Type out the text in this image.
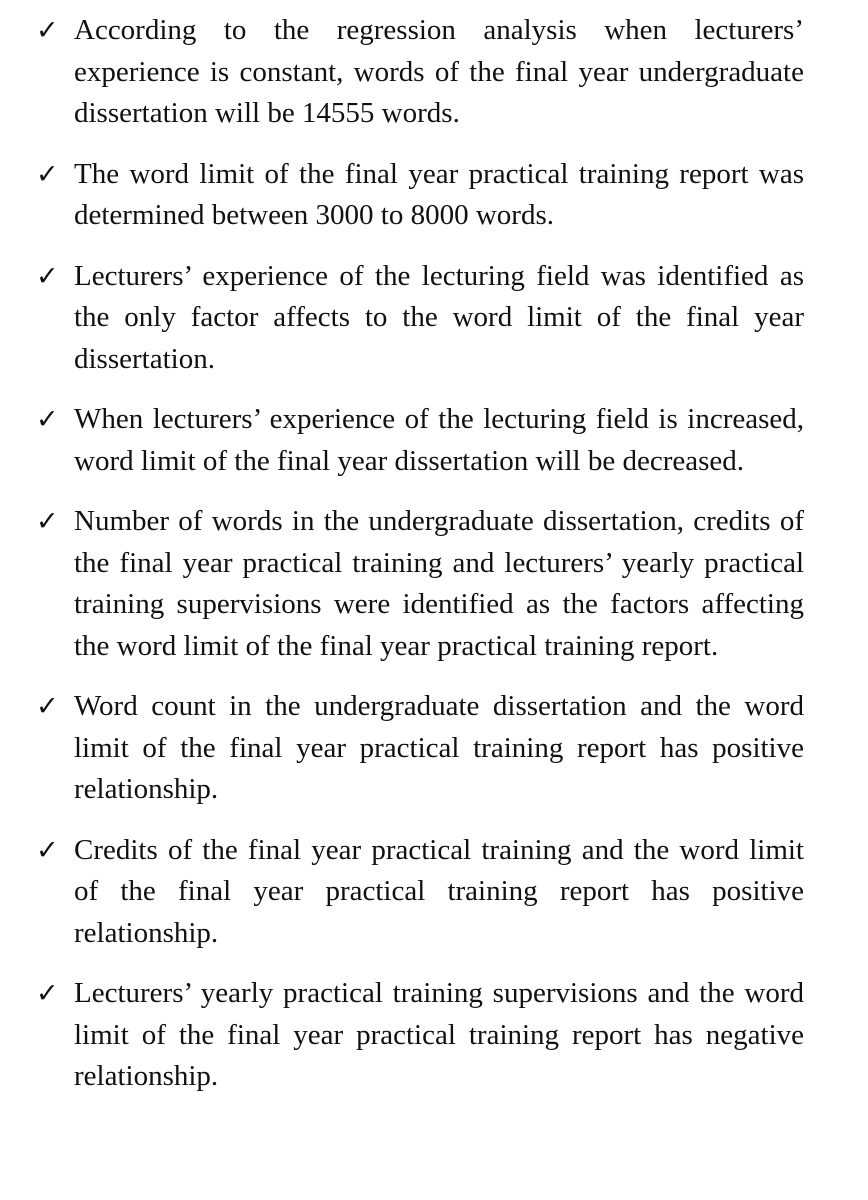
✓ According to the regression analysis when lecturers’ experience is constant, words of the final year undergraduate dissertation will be 14555 words.
✓ The word limit of the final year practical training report was determined between 3000 to 8000 words.
✓ Lecturers’ experience of the lecturing field was identified as the only factor affects to the word limit of the final year dissertation.
✓ When lecturers’ experience of the lecturing field is increased, word limit of the final year dissertation will be decreased.
✓ Number of words in the undergraduate dissertation, credits of the final year practical training and lecturers’ yearly practical training supervisions were identified as the factors affecting the word limit of the final year practical training report.
✓ Word count in the undergraduate dissertation and the word limit of the final year practical training report has positive relationship.
✓ Credits of the final year practical training and the word limit of the final year practical training report has positive relationship.
✓ Lecturers’ yearly practical training supervisions and the word limit of the final year practical training report has negative relationship.
